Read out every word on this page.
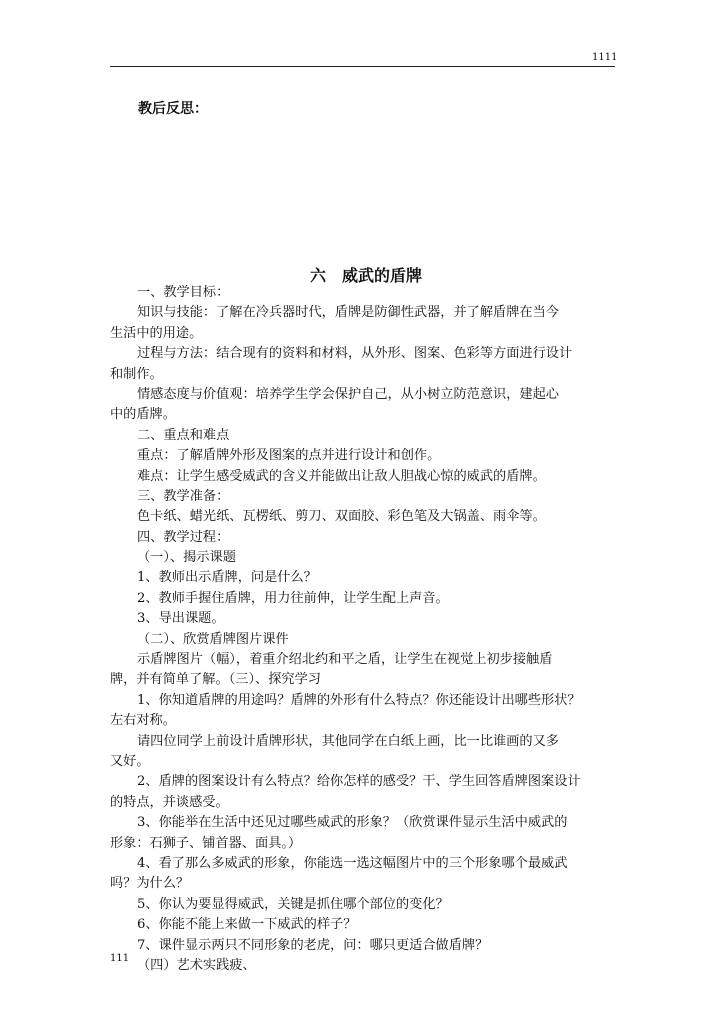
1111
教后反思：
六　威武的盾牌
一、教学目标：
知识与技能：了解在冷兵器时代，盾牌是防御性武器，并了解盾牌在当今
生活中的用途。
过程与方法：结合现有的资料和材料，从外形、图案、色彩等方面进行设计
和制作。
情感态度与价值观：培养学生学会保护自己，从小树立防范意识，建起心
中的盾牌。
二、重点和难点
重点：了解盾牌外形及图案的点并进行设计和创作。
难点：让学生感受威武的含义并能做出让敌人胆战心惊的威武的盾牌。
三、教学准备：
色卡纸、蜡光纸、瓦楞纸、剪刀、双面胶、彩色笔及大锅盖、雨伞等。
四、教学过程：
（一）、揭示课题
1、教师出示盾牌，问是什么？
2、教师手握住盾牌，用力往前伸，让学生配上声音。
3、导出课题。
（二）、欣赏盾牌图片课件
示盾牌图片（幅），着重介绍北约和平之盾，让学生在视觉上初步接触盾
牌，并有简单了解。（三）、探究学习
1、你知道盾牌的用途吗？盾牌的外形有什么特点？你还能设计出哪些形状？
左右对称。
请四位同学上前设计盾牌形状，其他同学在白纸上画，比一比谁画的又多
又好。
2、盾牌的图案设计有么特点？给你怎样的感受？干、学生回答盾牌图案设计
的特点，并谈感受。
3、你能举在生活中还见过哪些威武的形象？（欣赏课件显示生活中威武的
形象：石狮子、铺首器、面具。）
4、看了那么多威武的形象，你能选一选这幅图片中的三个形象哪个最威武
吗？为什么？
5、你认为要显得威武，关键是抓住哪个部位的变化？
6、你能不能上来做一下威武的样子？
7、课件显示两只不同形象的老虎，问：哪只更适合做盾牌？
（四）艺术实践疲、
111
